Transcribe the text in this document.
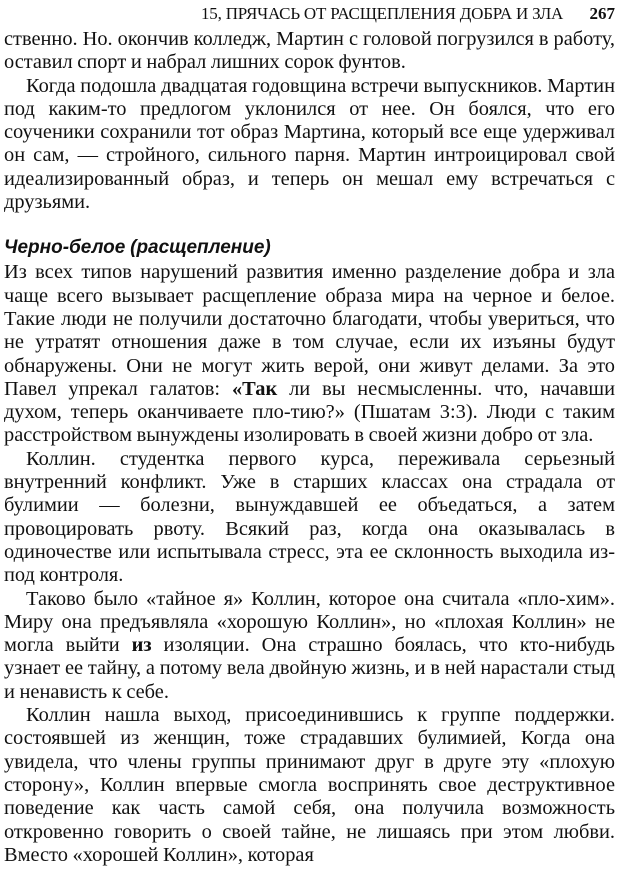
15, ПРЯЧАСЬ ОТ РАСЩЕПЛЕНИЯ ДОБРА И ЗЛА 267

ственно. Но. окончив колледж, Мартин с головой погрузился в работу, оставил спорт и набрал лишних сорок фунтов.

Когда подошла двадцатая годовщина встречи выпускников. Мартин под каким-то предлогом уклонился от нее. Он боялся, что его соученики сохранили тот образ Мартина, который все еще удерживал он сам, — стройного, сильного парня. Мартин интроицировал свой идеализированный образ, и теперь он мешал ему встречаться с друзьями.

Черно-белое (расщепление)

Из всех типов нарушений развития именно разделение добра и зла чаще всего вызывает расщепление образа мира на черное и белое. Такие люди не получили достаточно благодати, чтобы увериться, что не утратят отношения даже в том случае, если их изъяны будут обнаружены. Они не могут жить верой, они живут делами. За это Павел упрекал галатов: «Так ли вы несмысленны. что, начавши духом, теперь оканчиваете пло-тию?» (Пшатам 3:3). Люди с таким расстройством вынуждены изолировать в своей жизни добро от зла.

Коллин. студентка первого курса, переживала серьезный внутренний конфликт. Уже в старших классах она страдала от булимии — болезни, вынуждавшей ее объедаться, а затем провоцировать рвоту. Всякий раз, когда она оказывалась в одиночестве или испытывала стресс, эта ее склонность выходила из-под контроля.

Таково было «тайное я» Коллин, которое она считала «пло-хим». Миру она предъявляла «хорошую Коллин», но «плохая Коллин» не могла выйти из изоляции. Она страшно боялась, что кто-нибудь узнает ее тайну, а потому вела двойную жизнь, и в ней нарастали стыд и ненависть к себе.

Коллин нашла выход, присоединившись к группе поддержки. состоявшей из женщин, тоже страдавших булимией, Когда она увидела, что члены группы принимают друг в друге эту «плохую сторону», Коллин впервые смогла воспринять свое деструктивное поведение как часть самой себя, она получила возможность откровенно говорить о своей тайне, не лишаясь при этом любви. Вместо «хорошей Коллин», которая
